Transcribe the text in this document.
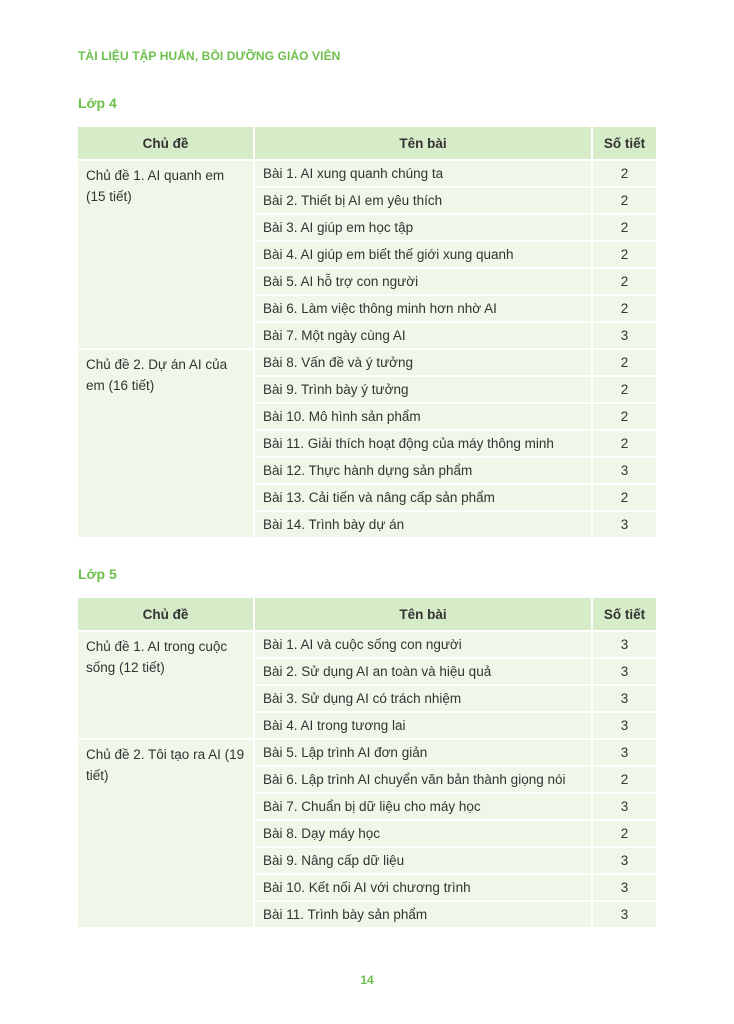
TÀI LIỆU TẬP HUẤN, BỒI DƯỠNG GIÁO VIÊN
Lớp 4
Chủ đề	Tên bài	Số tiết
Chủ đề 1. AI quanh em (15 tiết)	Bài 1. AI xung quanh chúng ta	2
	Bài 2. Thiết bị AI em yêu thích	2
	Bài 3. AI giúp em học tập	2
	Bài 4. AI giúp em biết thế giới xung quanh	2
	Bài 5. AI hỗ trợ con người	2
	Bài 6. Làm việc thông minh hơn nhờ AI	2
	Bài 7. Một ngày cùng AI	3
Chủ đề 2. Dự án AI của em (16 tiết)	Bài 8. Vấn đề và ý tưởng	2
	Bài 9. Trình bày ý tưởng	2
	Bài 10. Mô hình sản phẩm	2
	Bài 11. Giải thích hoạt động của máy thông minh	2
	Bài 12. Thực hành dựng sản phẩm	3
	Bài 13. Cải tiến và nâng cấp sản phẩm	2
	Bài 14. Trình bày dự án	3
Lớp 5
Chủ đề	Tên bài	Số tiết
Chủ đề 1. AI trong cuộc sống (12 tiết)	Bài 1. AI và cuộc sống con người	3
	Bài 2. Sử dụng AI an toàn và hiệu quả	3
	Bài 3. Sử dụng AI có trách nhiệm	3
	Bài 4. AI trong tương lai	3
Chủ đề 2. Tôi tạo ra AI (19 tiết)	Bài 5. Lập trình AI đơn giản	3
	Bài 6. Lập trình AI chuyển văn bản thành giọng nói	2
	Bài 7. Chuẩn bị dữ liệu cho máy học	3
	Bài 8. Dạy máy học	2
	Bài 9. Nâng cấp dữ liệu	3
	Bài 10. Kết nối AI với chương trình	3
	Bài 11. Trình bày sản phẩm	3
14
